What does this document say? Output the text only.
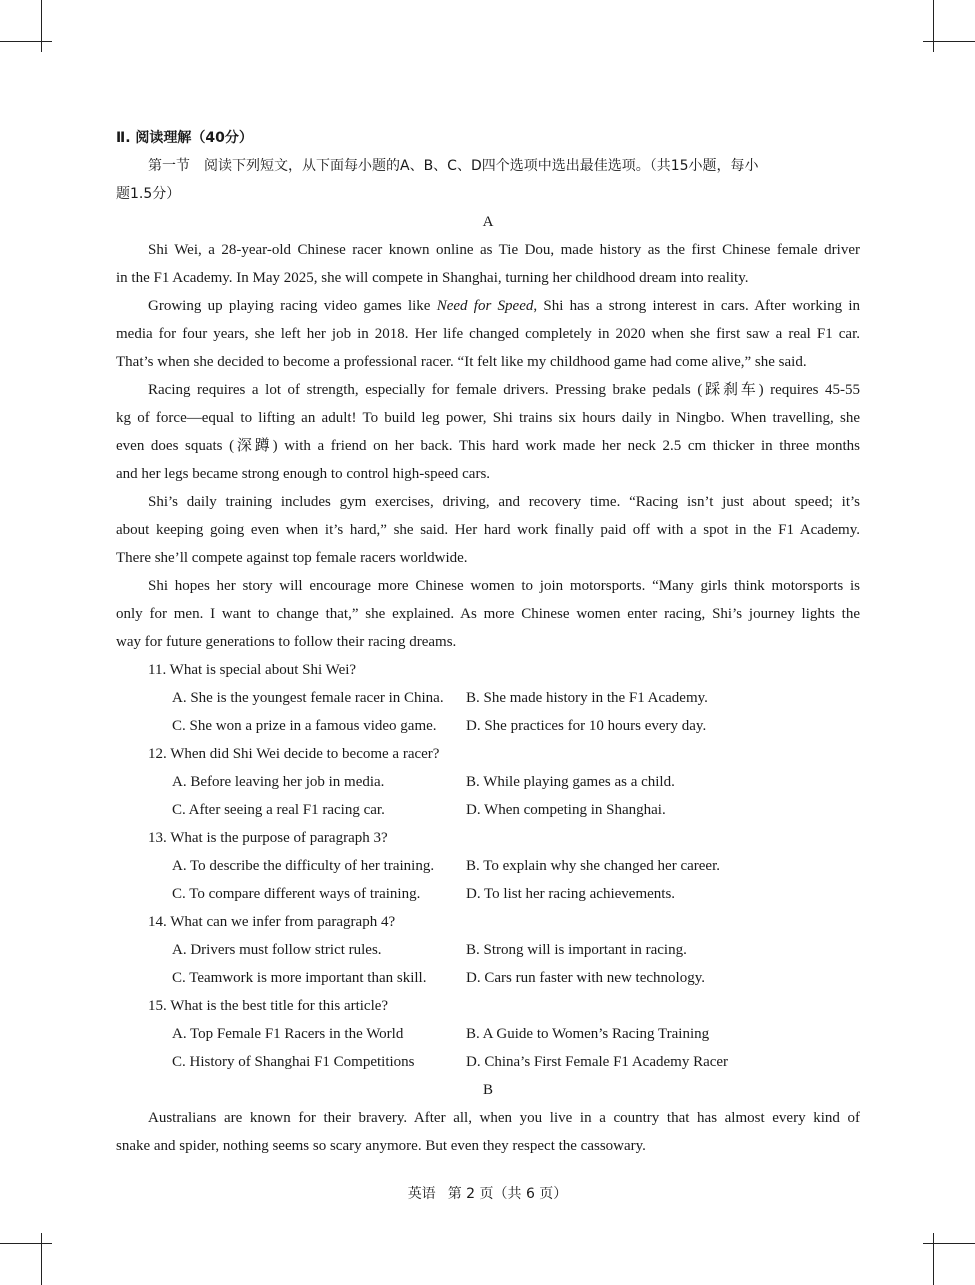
Ⅱ. 阅读理解（40分）
第一节　阅读下列短文，从下面每小题的A、B、C、D四个选项中选出最佳选项。（共15小题，每小
题1.5分）
A
Shi Wei, a 28-year-old Chinese racer known online as Tie Dou, made history as the first Chinese female driver
in the F1 Academy. In May 2025, she will compete in Shanghai, turning her childhood dream into reality.
Growing up playing racing video games like Need for Speed, Shi has a strong interest in cars. After working in
media for four years, she left her job in 2018. Her life changed completely in 2020 when she first saw a real F1 car.
That’s when she decided to become a professional racer. “It felt like my childhood game had come alive,” she said.
Racing requires a lot of strength, especially for female drivers. Pressing brake pedals (踩刹车) requires 45-55
kg of force—equal to lifting an adult! To build leg power, Shi trains six hours daily in Ningbo. When travelling, she
even does squats (深蹲) with a friend on her back. This hard work made her neck 2.5 cm thicker in three months
and her legs became strong enough to control high-speed cars.
Shi’s daily training includes gym exercises, driving, and recovery time. “Racing isn’t just about speed; it’s
about keeping going even when it’s hard,” she said. Her hard work finally paid off with a spot in the F1 Academy.
There she’ll compete against top female racers worldwide.
Shi hopes her story will encourage more Chinese women to join motorsports. “Many girls think motorsports is
only for men. I want to change that,” she explained. As more Chinese women enter racing, Shi’s journey lights the
way for future generations to follow their racing dreams.
11. What is special about Shi Wei?
A. She is the youngest female racer in China.	B. She made history in the F1 Academy.
C. She won a prize in a famous video game.	D. She practices for 10 hours every day.
12. When did Shi Wei decide to become a racer?
A. Before leaving her job in media.	B. While playing games as a child.
C. After seeing a real F1 racing car.	D. When competing in Shanghai.
13. What is the purpose of paragraph 3?
A. To describe the difficulty of her training.	B. To explain why she changed her career.
C. To compare different ways of training.	D. To list her racing achievements.
14. What can we infer from paragraph 4?
A. Drivers must follow strict rules.	B. Strong will is important in racing.
C. Teamwork is more important than skill.	D. Cars run faster with new technology.
15. What is the best title for this article?
A. Top Female F1 Racers in the World	B. A Guide to Women’s Racing Training
C. History of Shanghai F1 Competitions	D. China’s First Female F1 Academy Racer
B
Australians are known for their bravery. After all, when you live in a country that has almost every kind of
snake and spider, nothing seems so scary anymore. But even they respect the cassowary.
英语 第 2 页（共 6 页）
